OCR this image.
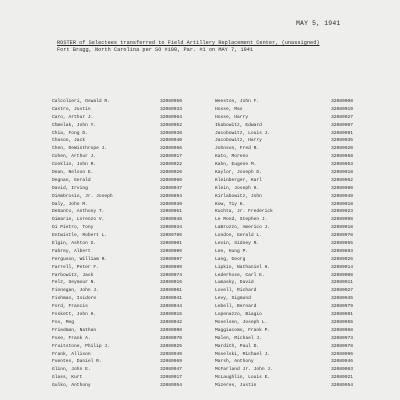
MAY 5, 1941
ROSTER of Selectees transferred to Field Artillery Replacement Center, (unassigned)
Fort Bragg, North Carolina per SO #108, Par. #1 on MAY 7, 1941
Calcolieri, Oswald R.	32089950
Castro, Justin	32089933
Caro, Arthur J.	32089964
Chmelak, John Y.	32089952
Chia, Fong D.	32089938
Chason, Jack	32089940
Chen, DeWinthrope J.	32089956
Cohen, Arthur J.	32089917
Conklin, John R.	32089922
Dean, Nelson E.	32089926
Degnan, Gerald	32089960
David, Irving	32089947
DiAmbrosio, Jr. Joseph	32089894
Daly, John M.	32089939
DeSanto, Anthony T.	32089951
Dimarie, Lorenzo V.	32089948
Di Pietro, Tony	32089934
Entwistle, Robert L.	32089786
Elgin, Ashton G.	32089901
Fabrey, Albert	32089906
Ferguson, William R.	32089997
Farrell, Peter F.	32089999
Farbowitz, Jack	32089974
Felz, Seymour N.	32089916
Finnegan, John J.	32089961
Fishman, Isidore	32089941
Ford, Francis	32089944
Foskett, John H.	32089915
Fox, Meg	32089942
Friedman, Nathan	32089900
Fuse, Frank A.	32089970
Fruitstone, Philip J.	32089925
Frank, Allison	32089949
Fuentes, Daniel R.	32089969
Glinn, John E.	32089947
Glass, Kurt	32089917
Gulko, Anthony	32089954
Weeston, John F.	32089908
Hosse, Max	32089919
Hosse, Harry	32089927
Ikabowitz, Edward	32089907
Jacobowitz, Louis J.	32089991
Jacobowitz, Harry	32089935
Johnson, Fred R.	32089920
Kato, Moreno	32089958
Kahn, Eugene M.	32089953
Kaylor, Joseph D.	32089918
Kleinberger, Karl	32089962
Klein, Joseph H.	32089980
Kirlabowitz, John	32089949
Kow, Tiy K.	32089918
Kuchta, Jr. Frederick	32089923
Le Mond, Stephen J.	32089998
LaBruzzo, Americo J.	32089918
London, Gerald L.	32089978
Levin, Sidney R.	32089955
Lee, Hung P.	32089893
Lang, Georg	32089926
Lipkin, Nathaniel H.	32089914
Lederhose, Carl E.	32089908
Lumasky, David	32089911
Lovell, Richard	32089927
Levy, Sigmund	32089945
Lebell, Bernard	32089979
Lopenazzo, Biagio	32089991
Moselsen, Joseph L.	32089955
Maggiacomo, Frank P.	32089968
Malen, Michael J.	32089973
Mardith, Paul D.	32089978
Moselski, Michael J.	32089996
Marsh, Anthony	32089946
McFarland Jr. John J.	32089963
McLaughlin, Louis E.	32089921
Mizeres, Justin	32089954
